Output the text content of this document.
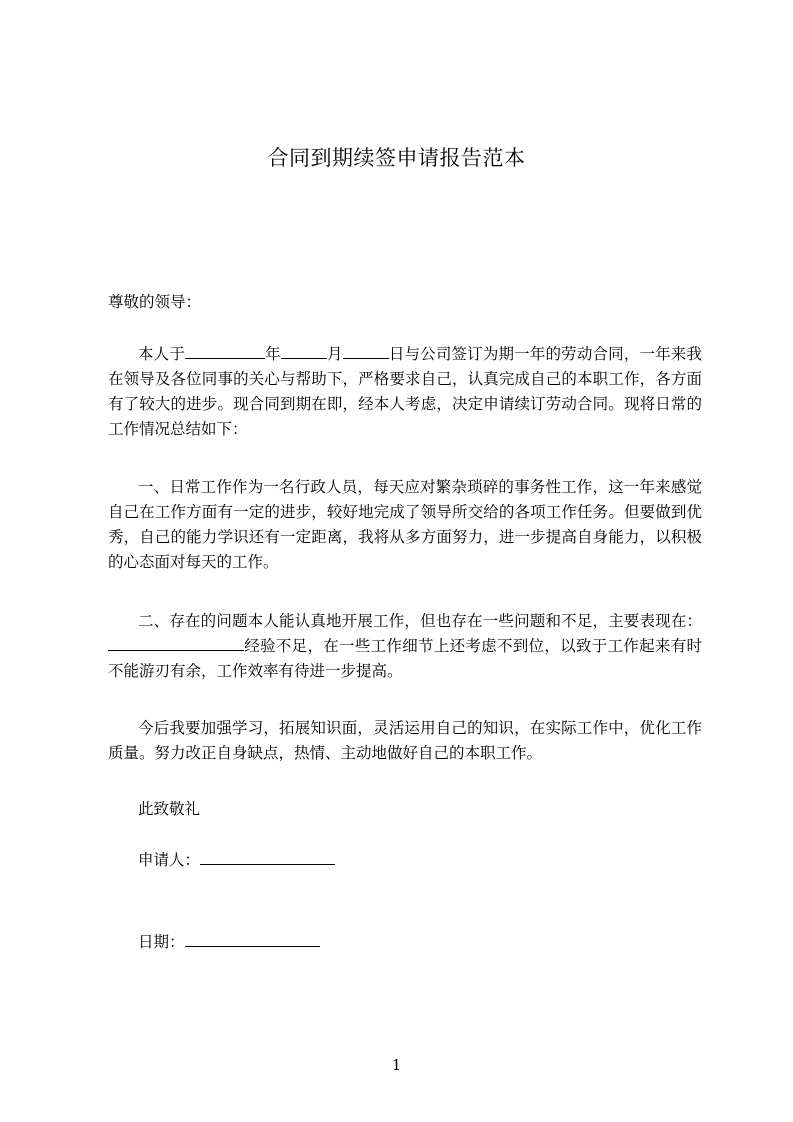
合同到期续签申请报告范本
尊敬的领导：
本人于	年	月	日与公司签订为期一年的劳动合同，一年来我在领导及各位同事的关心与帮助下，严格要求自己，认真完成自己的本职工作，各方面有了较大的进步。现合同到期在即，经本人考虑，决定申请续订劳动合同。现将日常的工作情况总结如下：
一、日常工作作为一名行政人员，每天应对繁杂琐碎的事务性工作，这一年来感觉自己在工作方面有一定的进步，较好地完成了领导所交给的各项工作任务。但要做到优秀，自己的能力学识还有一定距离，我将从多方面努力，进一步提高自身能力，以积极的心态面对每天的工作。
二、存在的问题本人能认真地开展工作，但也存在一些问题和不足，主要表现在：经验不足，在一些工作细节上还考虑不到位，以致于工作起来有时不能游刃有余，工作效率有待进一步提高。
今后我要加强学习，拓展知识面，灵活运用自己的知识，在实际工作中，优化工作质量。努力改正自身缺点，热情、主动地做好自己的本职工作。
此致敬礼
申请人：
日期：
1
